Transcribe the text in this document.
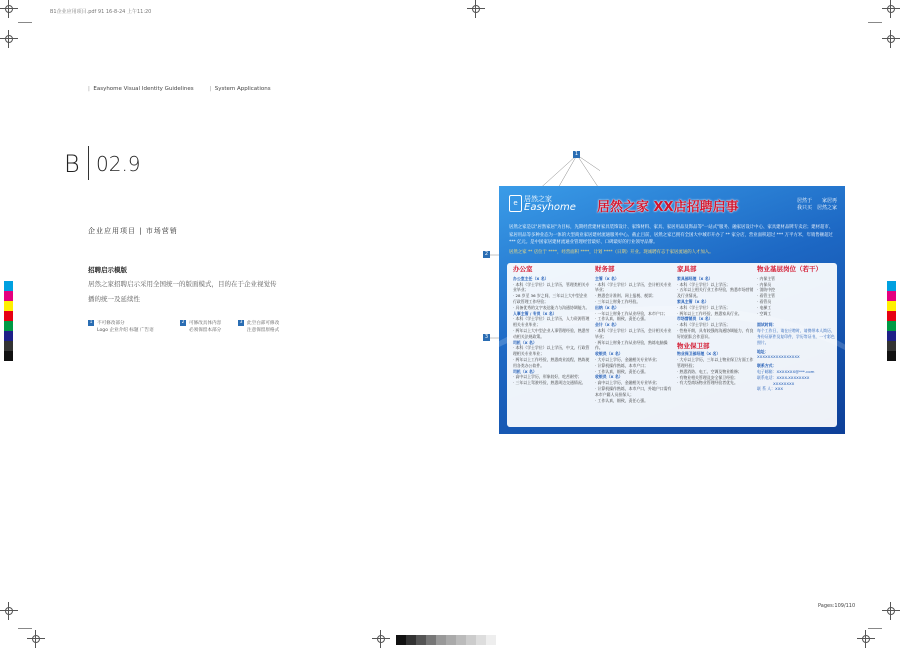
B1企业应用项目.pdf 91 16-8-24 上午11:20
|  Easyhome Visual Identity Guidelines	|  System Applications
B 02.9
企业应用项目 | 市场营销
招聘启示模版
居然之家招聘启示采用全国统一的版面模式，目的在于企业视觉传
播的统一及延续性
1 不可修改部分
Logo 企业介绍 标题 广告语
2 可修改具体内容
必须保留本部分
3 此空白部可修改
注意保留原格式
1
2
3
e 居然之家
Easyhome 居然之家 XX店招聘启事	居然于　　家居再
我只买　居然之家
居然之家是以"居然家居"为目标，先期经营建材家具装饰设计、家饰材料、家具、家居用品及饰品等"一站式"服务、融家居设计中心、家具建材品牌专卖店；建材超市、家居用品等多种业态为一体的大型商业家居建材流通服务中心。截止目前，居然之家已拥有全国大中城市开办了 ** 家分店，营业面积超过 *** 万平方米，年销售额超过 *** 亿元。是中国家居建材流通业管理经营最好、口碑最好的行业领导品牌。
居然之家 ** 店位于 ****，经营面积 ****，计划 ****（日期）开业。现诚聘有志于家居流通的人才加入。
办公室
办公室主任（X 名）
· 本科（学士学位）以上学历，管理类相关专业毕业；
· 28 岁至 36 岁之间，三年以上大中型企业行政管理工作经验；
· 具备优秀的文字表达能力与沟通协调能力。
人事主管 / 专员（X 名）
· 本科（学士学位）以上学历，人力资源管理相关专业毕业；
· 两年以上大中型企业人事管理经验，熟悉劳动相关法规政策。
司机（X 名）
· 本科（学士学位）以上学历，中文、行政管理相关专业毕业；
· 两年以上工作经验，熟悉商业流程，熟练使用各类办公软件。
司机（X 名）
· 高中以上学历，形象较好，吃苦耐劳；
· 三年以上驾驶经验，熟悉周边交通情况。
财务部
主管（X 名）
· 本科（学士学位）以上学历，会计相关专业毕业；
· 熟悉会计准则、网上报税、税票；
· 三年以上财务工作经验。
出纳（X 名）
· 一年以上财务工作从业经验，本市户口；
· 工作认真，细致，责任心强。
会计（X 名）
· 本科（学士学位）以上学历，会计相关专业毕业；
· 两年以上财务工作从业经验，熟练电脑操作。
收银员（X 名）
· 大专以上学历，金融相关专业毕业；
· 计算机操作熟练，本市户口；
· 工作认真，细致，责任心强。
收银员（X 名）
· 高中以上学历，金融相关专业毕业；
· 计算机操作熟练，本市户口，外地户口需有本市户籍人员担保人；
· 工作认真，细致，责任心强。
家具部
家具部经理（X 名）
· 本科（学士学位）以上学历；
· 五年以上相关行业工作经验，熟悉市场营销及行业情况。
家具主管（X 名）
· 本科（学士学位）以上学历；
· 两年以上工作经验，熟悉家具行业。
市场营销员（X 名）
· 本科（学士学位）以上学历；
· 性格开朗，具有较强的沟通协调能力，有良好的团队合作意识。
物业保卫部
物业保卫部经理（X 名）
· 大专以上学历，三年以上物业保卫方面工作管理经验；
· 熟悉消防、电工、空调及物业维修；
· 有物业相关管理及安全保卫经验；
· 有大型商场物业管理经验者优先。
物业基层岗位（若干）
· 内保主管
· 内保员
· 消防中控
· 看管主管
· 看管员
· 电梯工
· 空调工
面试时间：
每个工作日，请在应聘时，请携带本人简历，身份证原件及复印件，学历等证书，一寸彩色照片。
地址：
XXXXXXXXXXXXXXXX
联系方式：
电子邮箱：XXXXXXX@***.com
联系电话：XXXX-XXXXXXXX
XXXXXXXX
联 系 人：XXX
Pages:109/110
